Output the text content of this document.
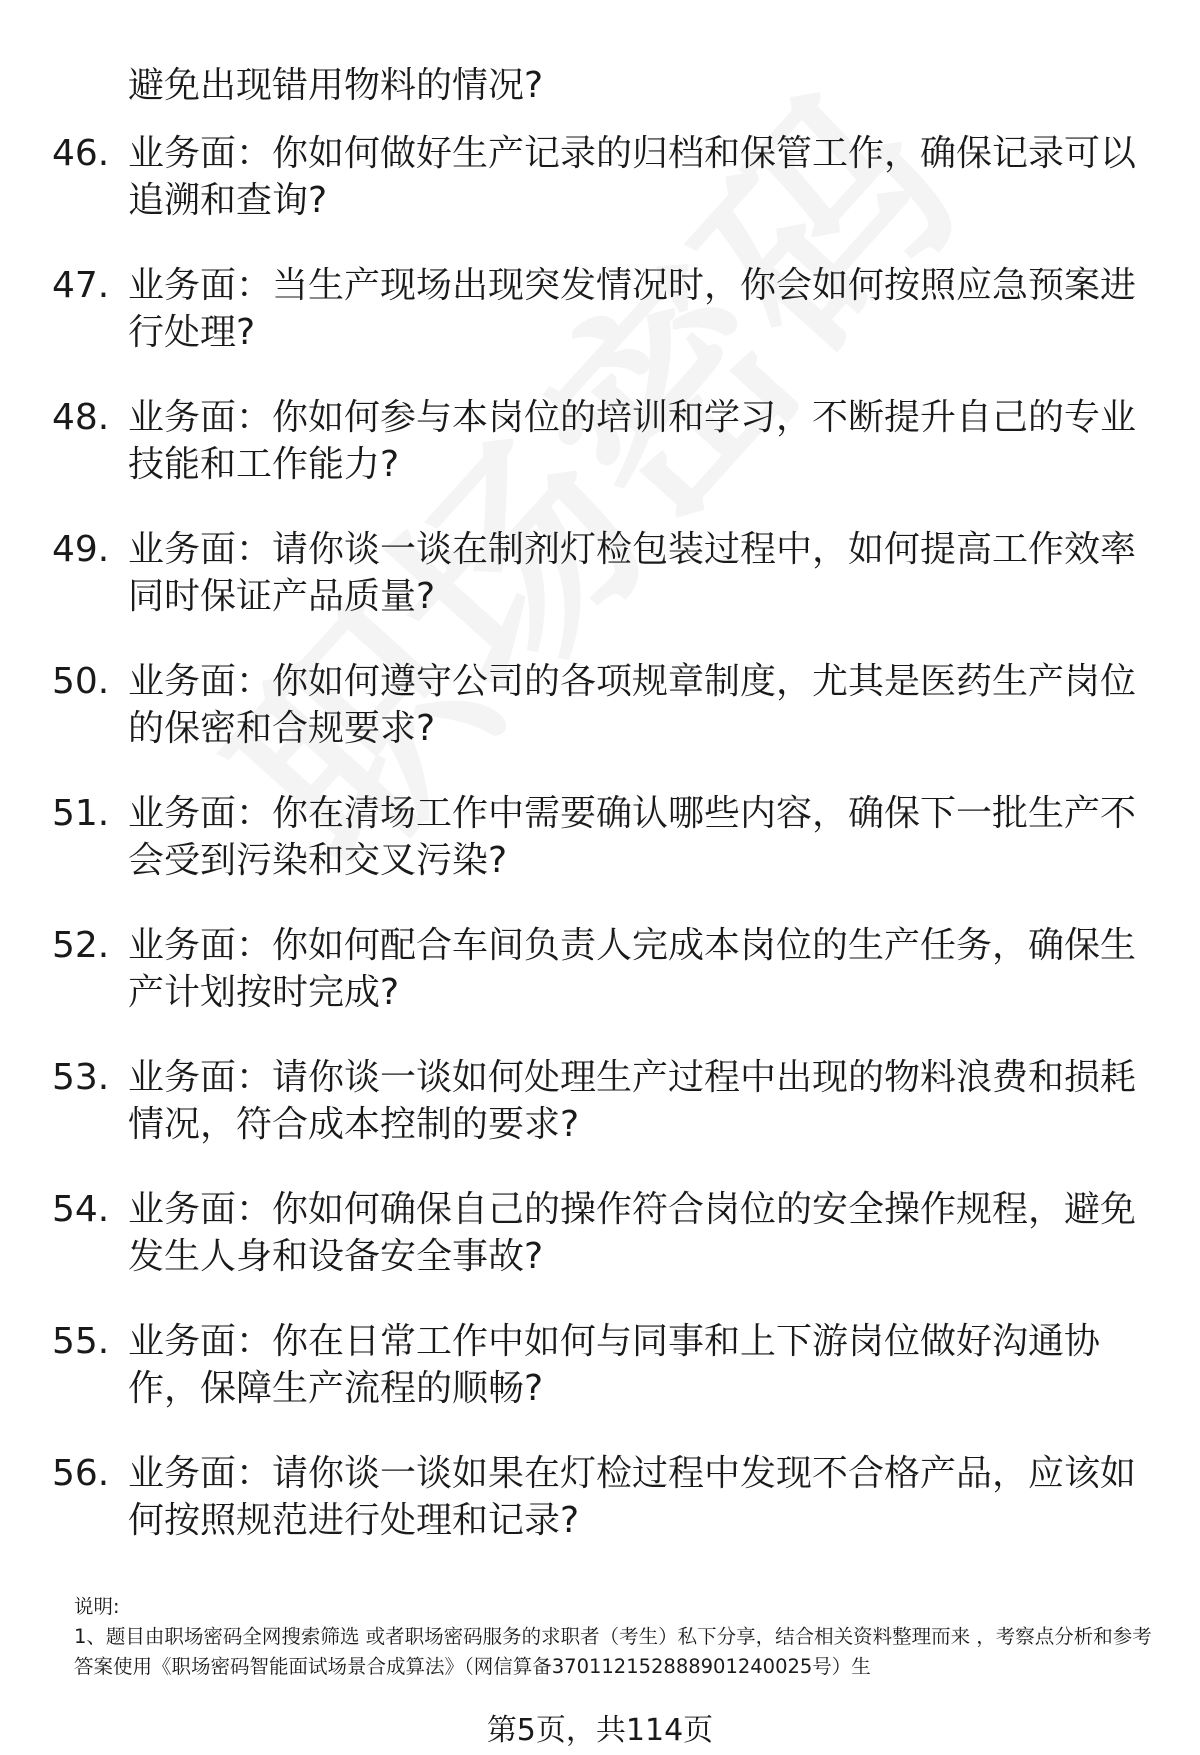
避免出现错用物料的情况?

46. 业务面：你如何做好生产记录的归档和保管工作，确保记录可以追溯和查询?
47. 业务面：当生产现场出现突发情况时，你会如何按照应急预案进行处理?
48. 业务面：你如何参与本岗位的培训和学习，不断提升自己的专业技能和工作能力?
49. 业务面：请你谈一谈在制剂灯检包装过程中，如何提高工作效率同时保证产品质量?
50. 业务面：你如何遵守公司的各项规章制度，尤其是医药生产岗位的保密和合规要求?
51. 业务面：你在清场工作中需要确认哪些内容，确保下一批生产不会受到污染和交叉污染?
52. 业务面：你如何配合车间负责人完成本岗位的生产任务，确保生产计划按时完成?
53. 业务面：请你谈一谈如何处理生产过程中出现的物料浪费和损耗情况，符合成本控制的要求?
54. 业务面：你如何确保自己的操作符合岗位的安全操作规程，避免发生人身和设备安全事故?
55. 业务面：你在日常工作中如何与同事和上下游岗位做好沟通协作，保障生产流程的顺畅?
56. 业务面：请你谈一谈如果在灯检过程中发现不合格产品，应该如何按照规范进行处理和记录?

说明:

1、题目由职场密码全网搜索筛选 或者职场密码服务的求职者（考生）私下分享，结合相关资料整理而来 ，考察点分析和参考答案使用《职场密码智能面试场景合成算法》（网信算备370112152888901240025号）生

第5页，共114页
